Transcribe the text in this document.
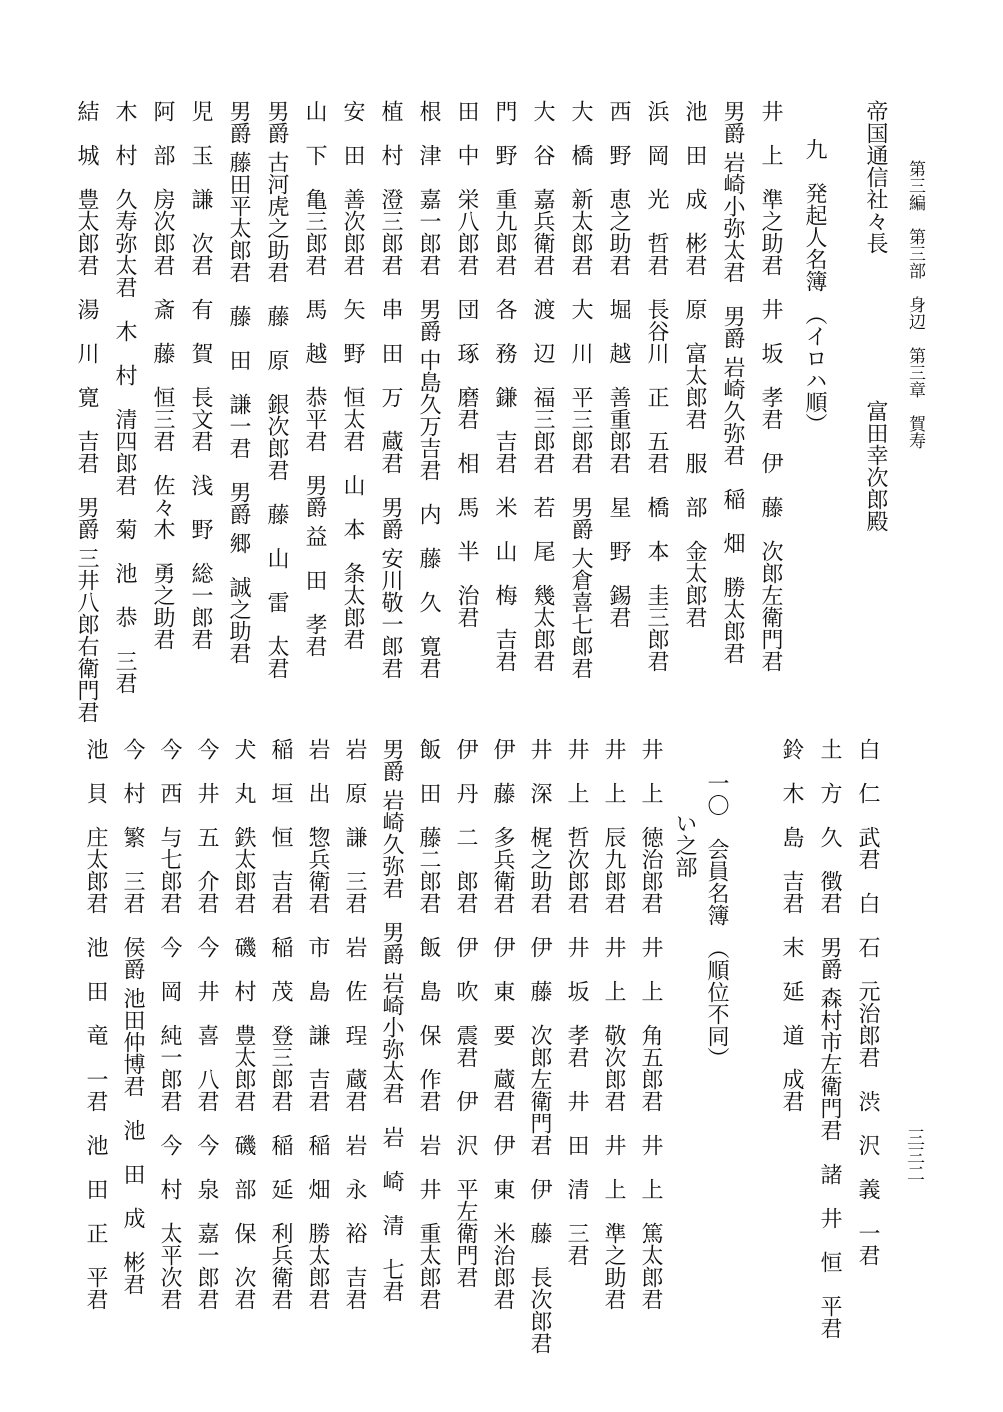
第三編　第三部　身辺　第三章　賀寿
三三二
帝国通信社々長
富田幸次郎殿
九　発起人名簿　（イロハ順）
井　上　準之助君　井　坂　孝君　伊　藤　次郎左衛門君
男爵 岩崎小弥太君　男爵 岩崎久弥君　稲　畑　勝太郎君
池　田　成　彬君　原　富太郎君　服　部　金太郎君
浜　岡　光　哲君　長谷川　正　五君　橋　本　圭三郎君
西　野　恵之助君　堀　越　善重郎君　星　野　錫君
大　橋　新太郎君　大　川　平三郎君　男爵 大倉喜七郎君
大　谷　嘉兵衛君　渡　辺　福三郎君　若　尾　幾太郎君
門　野　重九郎君　各　務　鎌　吉君　米　山　梅　吉君
田　中　栄八郎君　団　琢　磨君　相　馬　半　治君
根　津　嘉一郎君　男爵 中島久万吉君　内　藤　久　寛君
植　村　澄三郎君　串　田　万　蔵君　男爵 安川敬一郎君
安　田　善次郎君　矢　野　恒太君　山　本　条太郎君
山　下　亀三郎君　馬　越　恭平君　男爵 益　田　孝君
男爵 古河虎之助君　藤　原　銀次郎君　藤　山　雷　太君
男爵 藤田平太郎君　藤　田　謙一君　男爵 郷　誠之助君
児　玉　謙　次君　有　賀　長文君　浅　野　総一郎君
阿　部　房次郎君　斎　藤　恒三君　佐々木　勇之助君
木　村　久寿弥太君　木　村　清四郎君　菊　池　恭　三君
結　城　豊太郎君　湯　川　寛　吉君　男爵 三井八郎右衛門君
白　仁　武君　白　石　元治郎君　渋　沢　義　一君
土　方　久　徴君　男爵 森村市左衛門君　諸　井　恒　平君
鈴　木　島　吉君　末　延　道　成君
一〇　会員名簿　（順位不同）
い之部
井　上　徳治郎君　井　上　角五郎君　井　上　篤太郎君
井　上　辰九郎君　井　上　敬次郎君　井　上　準之助君
井　上　哲次郎君　井　坂　孝君　井　田　清　三君
井　深　梶之助君　伊　藤　次郎左衛門君　伊　藤　長次郎君
伊　藤　多兵衛君　伊　東　要　蔵君　伊　東　米治郎君
伊　丹　二　郎君　伊　吹　震君　伊　沢　平左衛門君
飯　田　藤二郎君　飯　島　保　作君　岩　井　重太郎君
男爵 岩崎久弥君　男爵 岩崎小弥太君　岩　崎　清　七君
岩　原　謙　三君　岩　佐　珵　蔵君　岩　永　裕　吉君
岩　出　惣兵衛君　市　島　謙　吉君　稲　畑　勝太郎君
稲　垣　恒　吉君　稲　茂　登三郎君　稲　延　利兵衛君
犬　丸　鉄太郎君　磯　村　豊太郎君　磯　部　保　次君
今　井　五　介君　今　井　喜　八君　今　泉　嘉一郎君
今　西　与七郎君　今　岡　純一郎君　今　村　太平次君
今　村　繁　三君　侯爵 池田仲博君　池　田　成　彬君
池　貝　庄太郎君　池　田　竜　一君　池　田　正　平君
